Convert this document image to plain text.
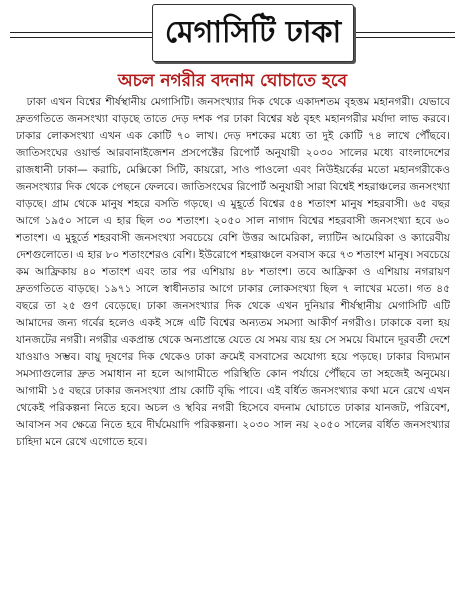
মেগাসিটি ঢাকা
অচল নগরীর বদনাম ঘোচাতে হবে

ঢাকা এখন বিশ্বের শীর্ষস্থানীয় মেগাসিটি। জনসংখ্যার দিক থেকে একাদশতম বৃহত্তম মহানগরী। যেভাবে দ্রুতগতিতে জনসংখ্যা বাড়ছে তাতে দেড় দশক পর ঢাকা বিশ্বের ষষ্ঠ বৃহৎ মহানগরীর মর্যাদা লাভ করবে। ঢাকার লোকসংখ্যা এখন এক কোটি ৭০ লাখ। দেড় দশকের মধ্যে তা দুই কোটি ৭৪ লাখে পৌঁছবে। জাতিসংঘের ওয়ার্ল্ড আরবানাইজেশন প্রসপেক্টের রিপোর্ট অনুযায়ী ২০৩০ সালের মধ্যে বাংলাদেশের রাজধানী ঢাকা— করাচি, মেক্সিকো সিটি, কায়রো, সাও পাওলো এবং নিউইয়র্কের মতো মহানগরীকেও জনসংখ্যার দিক থেকে পেছনে ফেলবে। জাতিসংঘের রিপোর্ট অনুযায়ী সারা বিশ্বেই শহরাঞ্চলের জনসংখ্যা বাড়ছে। গ্রাম থেকে মানুষ শহরে বসতি গড়ছে। এ মুহূর্তে বিশ্বের ৫৪ শতাংশ মানুষ শহরবাসী। ৬৫ বছর আগে ১৯৫০ সালে এ হার ছিল ৩০ শতাংশ। ২০৫০ সাল নাগাদ বিশ্বের শহরবাসী জনসংখ্যা হবে ৬০ শতাংশ। এ মুহূর্তে শহরবাসী জনসংখ্যা সবচেয়ে বেশি উত্তর আমেরিকা, ল্যাটিন আমেরিকা ও ক্যারেবীয় দেশগুলোতে। এ হার ৮০ শতাংশেরও বেশি। ইউরোপে শহরাঞ্চলে বসবাস করে ৭৩ শতাংশ মানুষ। সবচেয়ে কম আফ্রিকায় ৪০ শতাংশ এবং তার পর এশিয়ায় ৪৮ শতাংশ। তবে আফ্রিকা ও এশিয়ায় নগরায়ণ দ্রুতগতিতে বাড়ছে। ১৯৭১ সালে স্বাধীনতার আগে ঢাকার লোকসংখ্যা ছিল ৭ লাখের মতো। গত ৪৫ বছরে তা ২৫ গুণ বেড়েছে। ঢাকা জনসংখ্যার দিক থেকে এখন দুনিয়ার শীর্ষস্থানীয় মেগাসিটি এটি আমাদের জন্য গর্বের হলেও একই সঙ্গে এটি বিশ্বের অন্যতম সমস্যা আকীর্ণ নগরীও। ঢাকাকে বলা হয় যানজটের নগরী। নগরীর একপ্রান্ত থেকে অন্যপ্রান্তে যেতে যে সময় ব্যয় হয় সে সময়ে বিমানে দূরবর্তী দেশে যাওয়াও সম্ভব। বায়ু দূষণের দিক থেকেও ঢাকা ক্রমেই বসবাসের অযোগ্য হয়ে পড়ছে। ঢাকার বিদ্যমান সমস্যাগুলোর দ্রুত সমাধান না হলে আগামীতে পরিস্থিতি কোন পর্যায়ে পৌঁছবে তা সহজেই অনুমেয়। আগামী ১৫ বছরে ঢাকার জনসংখ্যা প্রায় কোটি বৃদ্ধি পাবে। এই বর্ধিত জনসংখ্যার কথা মনে রেখে এখন থেকেই পরিকল্পনা নিতে হবে। অচল ও স্থবির নগরী হিসেবে বদনাম ঘোচাতে ঢাকার যানজট, পরিবেশ, আবাসন সব ক্ষেত্রে নিতে হবে দীর্ঘমেয়াদি পরিকল্পনা। ২০৩০ সাল নয় ২০৫০ সালের বর্ধিত জনসংখ্যার চাহিদা মনে রেখে এগোতে হবে।
